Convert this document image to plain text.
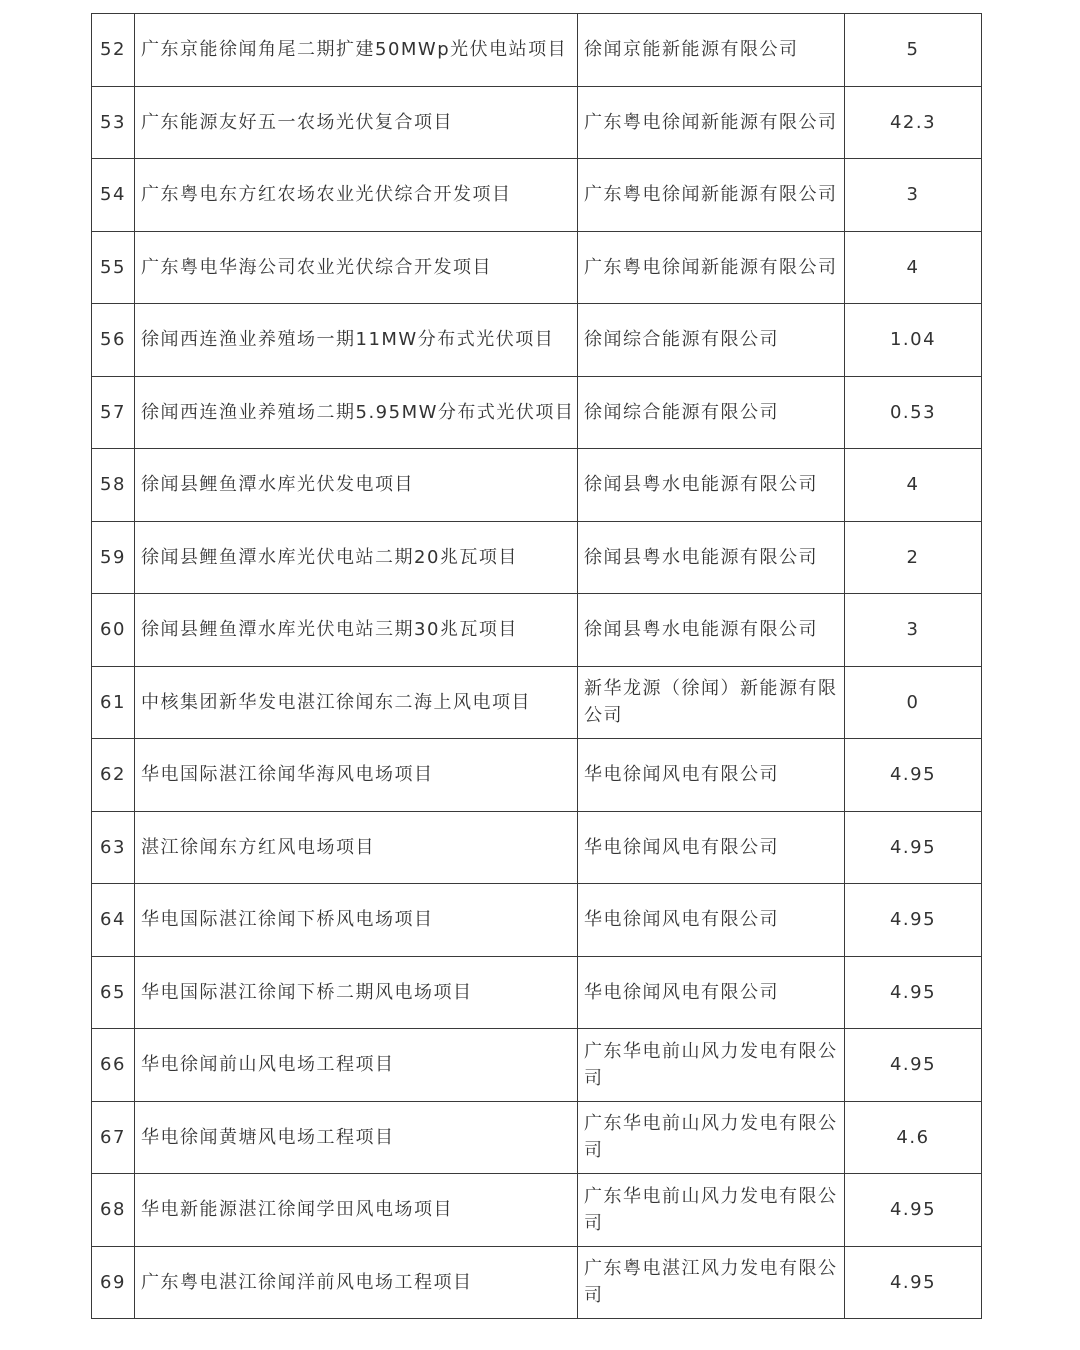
52	广东京能徐闻角尾二期扩建50MWp光伏电站项目	徐闻京能新能源有限公司	5
53	广东能源友好五一农场光伏复合项目	广东粤电徐闻新能源有限公司	42.3
54	广东粤电东方红农场农业光伏综合开发项目	广东粤电徐闻新能源有限公司	3
55	广东粤电华海公司农业光伏综合开发项目	广东粤电徐闻新能源有限公司	4
56	徐闻西连渔业养殖场一期11MW分布式光伏项目	徐闻综合能源有限公司	1.04
57	徐闻西连渔业养殖场二期5.95MW分布式光伏项目	徐闻综合能源有限公司	0.53
58	徐闻县鲤鱼潭水库光伏发电项目	徐闻县粤水电能源有限公司	4
59	徐闻县鲤鱼潭水库光伏电站二期20兆瓦项目	徐闻县粤水电能源有限公司	2
60	徐闻县鲤鱼潭水库光伏电站三期30兆瓦项目	徐闻县粤水电能源有限公司	3
61	中核集团新华发电湛江徐闻东二海上风电项目	新华龙源（徐闻）新能源有限公司	0
62	华电国际湛江徐闻华海风电场项目	华电徐闻风电有限公司	4.95
63	湛江徐闻东方红风电场项目	华电徐闻风电有限公司	4.95
64	华电国际湛江徐闻下桥风电场项目	华电徐闻风电有限公司	4.95
65	华电国际湛江徐闻下桥二期风电场项目	华电徐闻风电有限公司	4.95
66	华电徐闻前山风电场工程项目	广东华电前山风力发电有限公司	4.95
67	华电徐闻黄塘风电场工程项目	广东华电前山风力发电有限公司	4.6
68	华电新能源湛江徐闻学田风电场项目	广东华电前山风力发电有限公司	4.95
69	广东粤电湛江徐闻洋前风电场工程项目	广东粤电湛江风力发电有限公司	4.95
